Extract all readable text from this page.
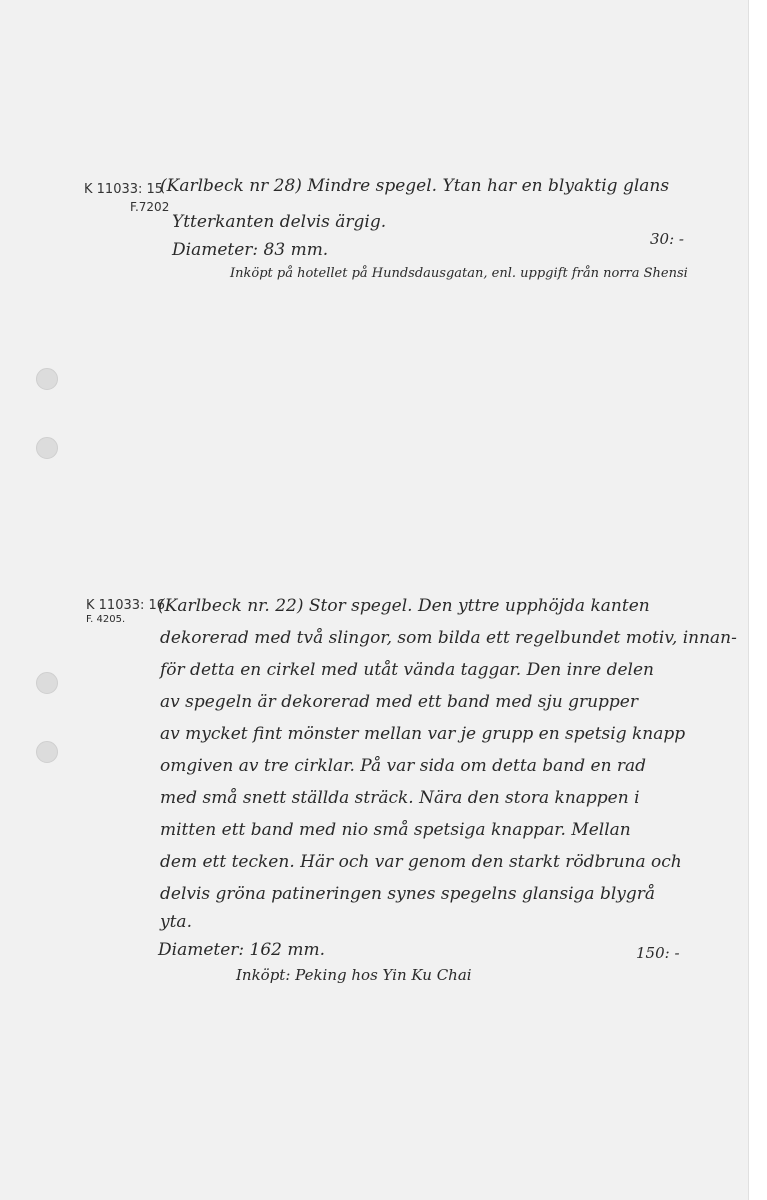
K 11033: 15
F.7202
(Karlbeck nr 28) Mindre spegel. Ytan har en blyaktig glans
Ytterkanten delvis ärgig.
Diameter: 83 mm.
30: -
Inköpt på hotellet på Hundsdausgatan, enl. uppgift från norra Shensi
K 11033: 16
F. 4205.
(Karlbeck nr. 22) Stor spegel. Den yttre upphöjda kanten
dekorerad med två slingor, som bilda ett regelbundet motiv, innan-
för detta en cirkel med utåt vända taggar. Den inre delen
av spegeln är dekorerad med ett band med sju grupper
av mycket fint mönster mellan var je grupp en spetsig knapp
omgiven av tre cirklar. På var sida om detta band en rad
med små snett ställda sträck. Nära den stora knappen i
mitten ett band med nio små spetsiga knappar. Mellan
dem ett tecken. Här och var genom den starkt rödbruna och
delvis gröna patineringen synes spegelns glansiga blygrå
yta.
Diameter: 162 mm.	150: -
Inköpt: Peking hos Yin Ku Chai
